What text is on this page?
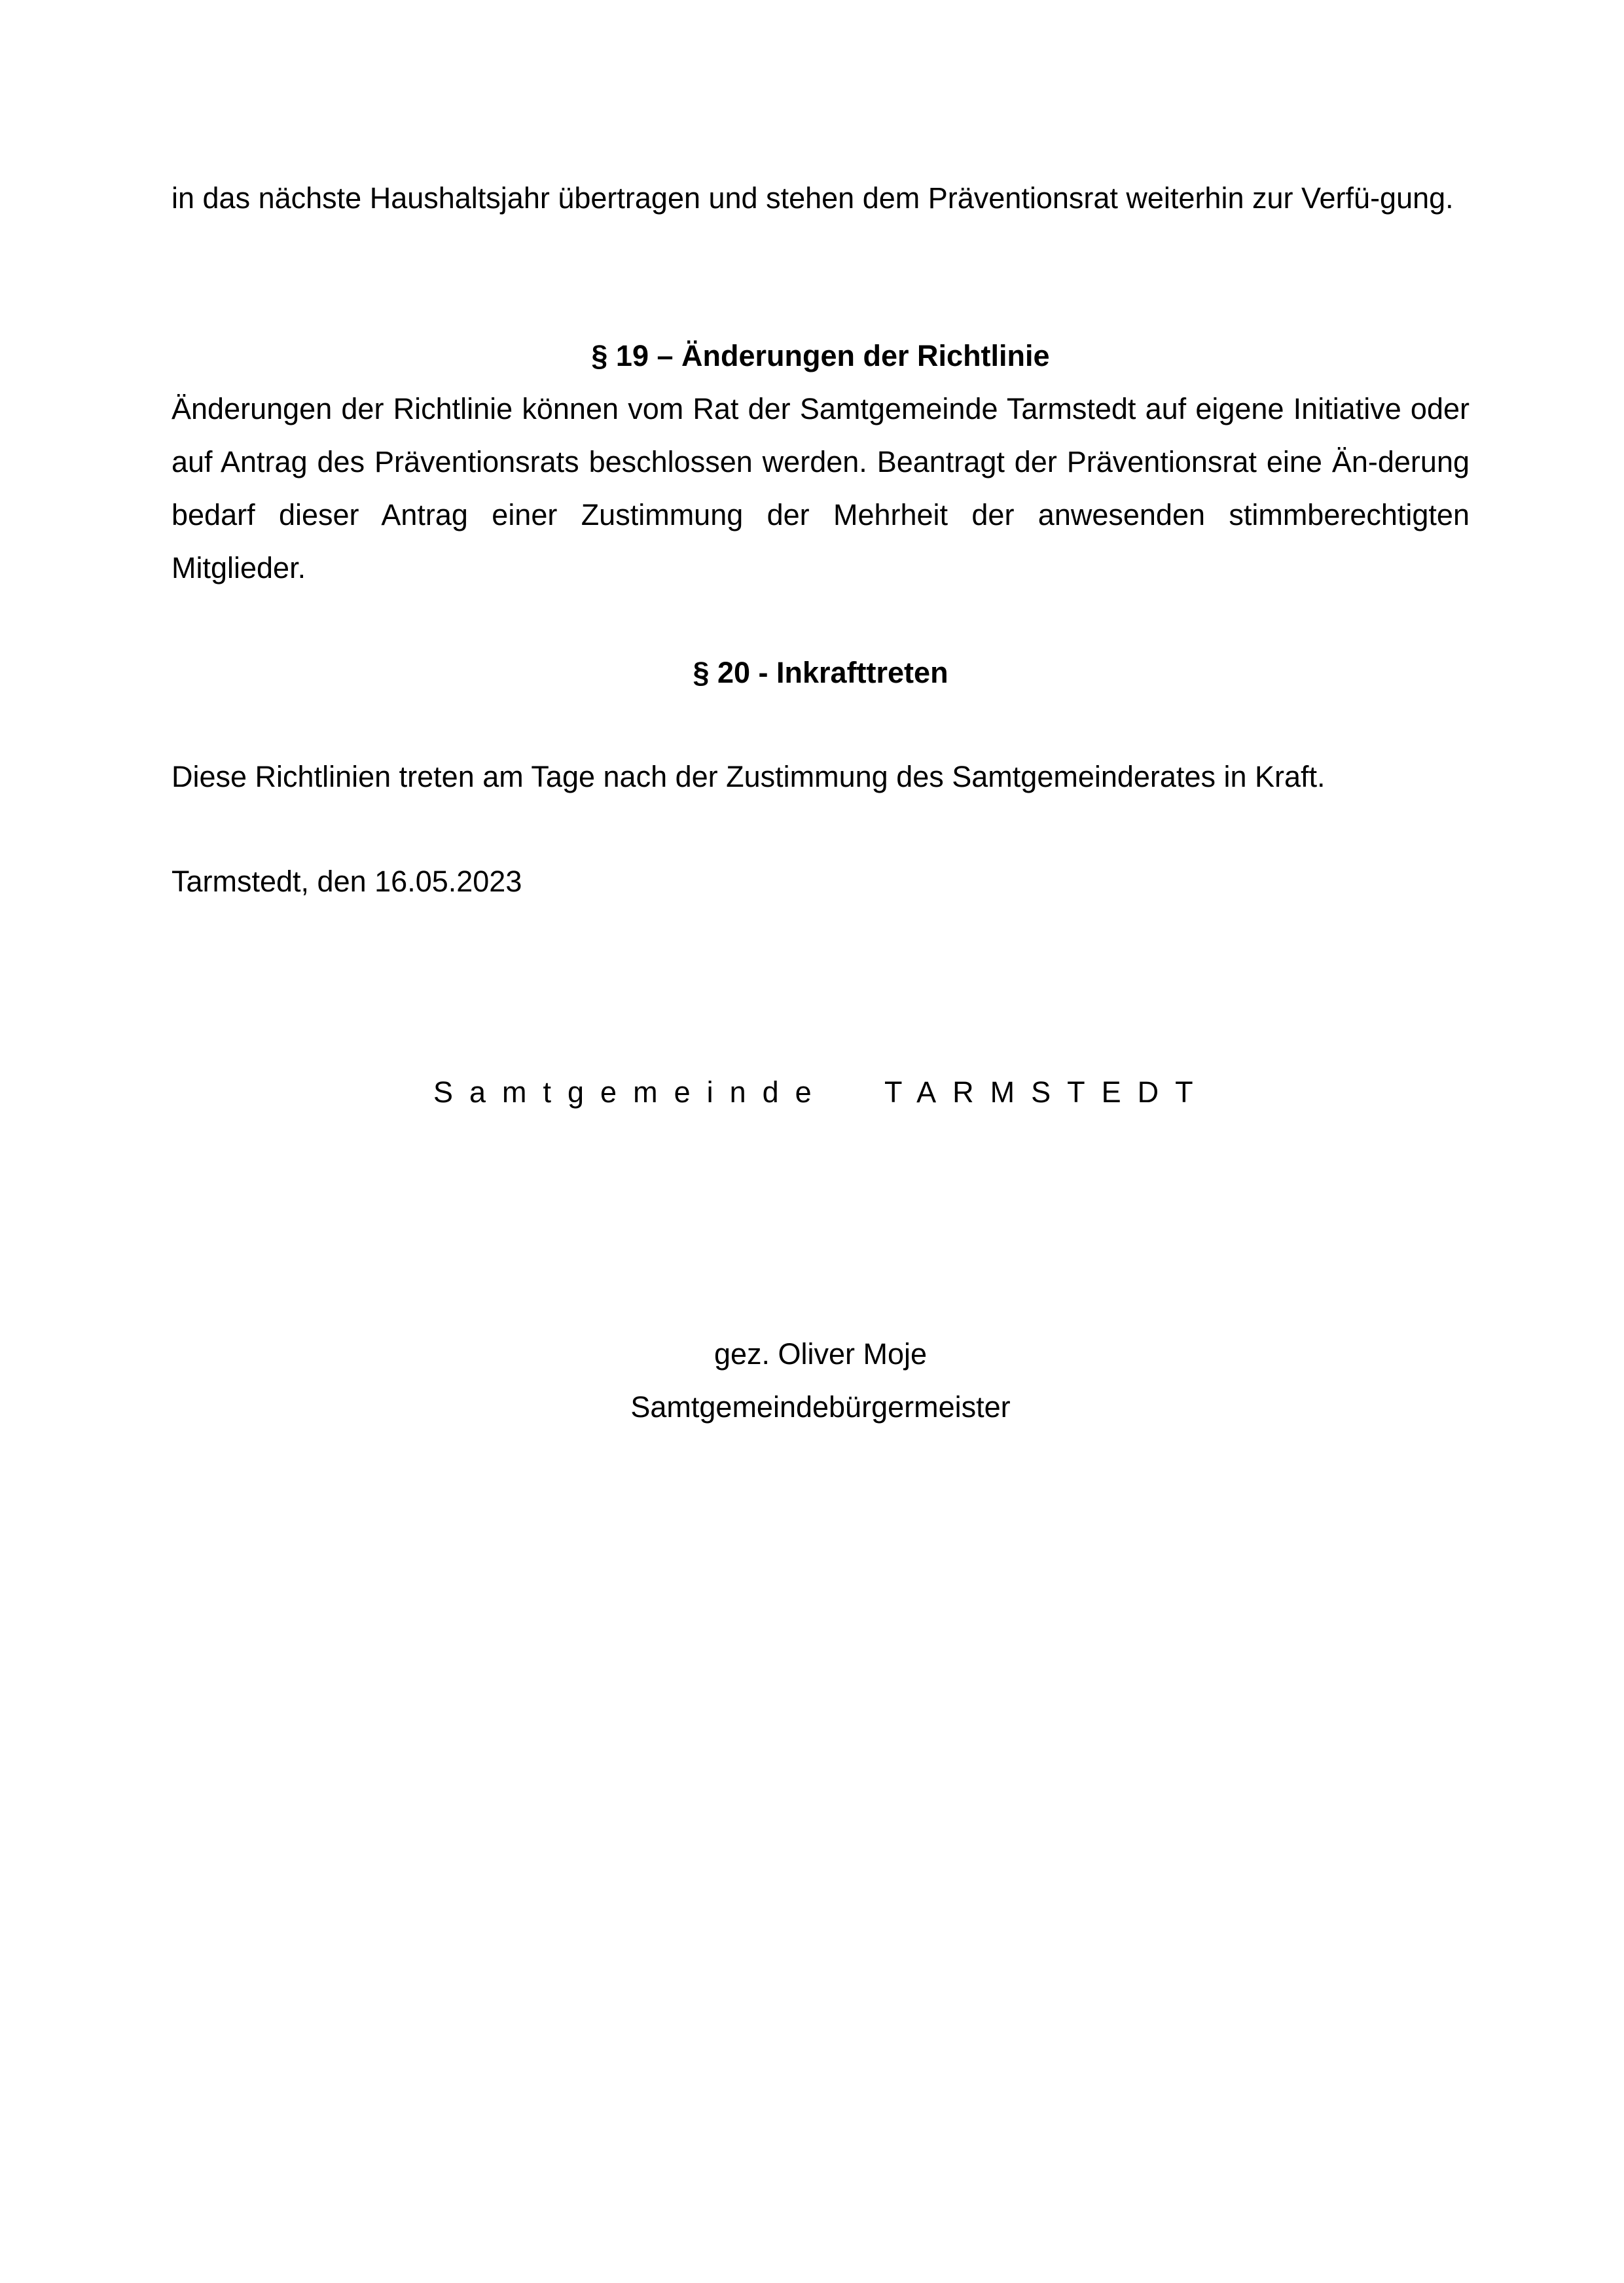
in das nächste Haushaltsjahr übertragen und stehen dem Präventionsrat weiterhin zur Verfü-gung.

§ 19 – Änderungen der Richtlinie

Änderungen der Richtlinie können vom Rat der Samtgemeinde Tarmstedt auf eigene Initiative oder auf Antrag des Präventionsrats beschlossen werden. Beantragt der Präventionsrat eine Än-derung bedarf dieser Antrag einer Zustimmung der Mehrheit der anwesenden stimmberechtigten Mitglieder.

§ 20 - Inkrafttreten

Diese Richtlinien treten am Tage nach der Zustimmung des Samtgemeinderates in Kraft.

Tarmstedt, den 16.05.2023

Samtgemeinde TARMSTEDT

gez. Oliver Moje

Samtgemeindebürgermeister
